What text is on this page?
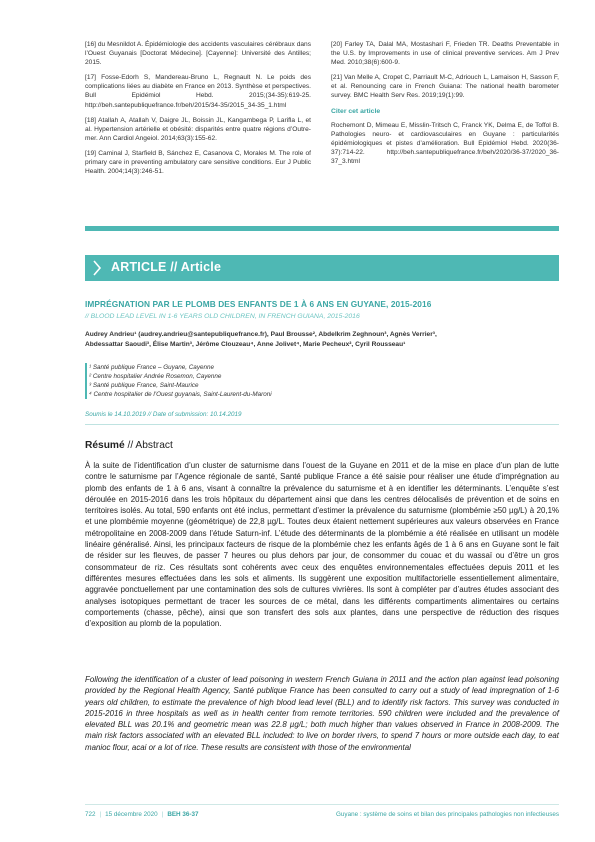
[16] du Mesnildot A. Épidémiologie des accidents vasculaires cérébraux dans l’Ouest Guyanais [Doctorat Médecine]. [Cayenne]: Université des Antilles; 2015.
[17] Fosse-Edorh S, Mandereau-Bruno L, Regnault N. Le poids des complications liées au diabète en France en 2013. Synthèse et perspectives. Bull Epidémiol Hebd. 2015;(34-35):619-25. http://beh.santepubliquefrance.fr/beh/2015/34-35/2015_34-35_1.html
[18] Atallah A, Atallah V, Daigre JL, Boissin JL, Kangambega P, Larifla L, et al. Hypertension artérielle et obésité: disparités entre quatre régions d’Outre-mer. Ann Cardiol Angeiol. 2014;63(3):155-62.
[19] Caminal J, Starfield B, Sánchez E, Casanova C, Morales M. The role of primary care in preventing ambulatory care sensitive conditions. Eur J Public Health. 2004;14(3):246-51.
[20] Farley TA, Dalal MA, Mostashari F, Frieden TR. Deaths Preventable in the U.S. by Improvements in use of clinical preventive services. Am J Prev Med. 2010;38(6):600-9.
[21] Van Melle A, Cropet C, Parriault M-C, Adriouch L, Lamaison H, Sasson F, et al. Renouncing care in French Guiana: The national health barometer survey. BMC Health Serv Res. 2019;19(1):99.
Citer cet article
Rochemont D, Mimeau E, Misslin-Tritsch C, Franck YK, Delma E, de Toffol B. Pathologies neuro- et cardiovasculaires en Guyane : particularités épidémiologiques et pistes d’amélioration. Bull Epidémiol Hebd. 2020(36-37):714-22. http://beh.santepubliquefrance.fr/beh/2020/36-37/2020_36-37_3.html
ARTICLE // Article
IMPRÉGNATION PAR LE PLOMB DES ENFANTS DE 1 À 6 ANS EN GUYANE, 2015-2016
// BLOOD LEAD LEVEL IN 1-6 YEARS OLD CHILDREN, IN FRENCH GUIANA, 2015-2016
Audrey Andrieu¹ (audrey.andrieu@santepubliquefrance.fr), Paul Brousse², Abdelkrim Zeghnoun³, Agnès Verrier³,
Abdessattar Saoudi³, Élise Martin³, Jérôme Clouzeau⁴, Anne Jolivet⁴, Marie Pecheux², Cyril Rousseau¹
¹ Santé publique France – Guyane, Cayenne
² Centre hospitalier Andrée Rosemon, Cayenne
³ Santé publique France, Saint-Maurice
⁴ Centre hospitalier de l’Ouest guyanais, Saint-Laurent-du-Maroni
Soumis le 14.10.2019 // Date of submission: 10.14.2019
Résumé // Abstract
À la suite de l’identification d’un cluster de saturnisme dans l’ouest de la Guyane en 2011 et de la mise en place d’un plan de lutte contre le saturnisme par l’Agence régionale de santé, Santé publique France a été saisie pour réaliser une étude d’imprégnation au plomb des enfants de 1 à 6 ans, visant à connaître la prévalence du saturnisme et à en identifier les déterminants. L’enquête s’est déroulée en 2015-2016 dans les trois hôpitaux du département ainsi que dans les centres délocalisés de prévention et de soins en territoires isolés. Au total, 590 enfants ont été inclus, permettant d’estimer la prévalence du saturnisme (plombémie ≥50 µg/L) à 20,1% et une plombémie moyenne (géométrique) de 22,8 µg/L. Toutes deux étaient nettement supérieures aux valeurs observées en France métropolitaine en 2008-2009 dans l’étude Saturn-inf. L’étude des déterminants de la plombémie a été réalisée en utilisant un modèle linéaire généralisé. Ainsi, les principaux facteurs de risque de la plombémie chez les enfants âgés de 1 à 6 ans en Guyane sont le fait de résider sur les fleuves, de passer 7 heures ou plus dehors par jour, de consommer du couac et du wassaï ou d’être un gros consommateur de riz. Ces résultats sont cohérents avec ceux des enquêtes environnementales effectuées depuis 2011 et les différentes mesures effectuées dans les sols et aliments. Ils suggèrent une exposition multifactorielle essentiellement alimentaire, aggravée ponctuellement par une contamination des sols de cultures vivrières. Ils sont à compléter par d’autres études associant des analyses isotopiques permettant de tracer les sources de ce métal, dans les différents compartiments alimentaires ou certains comportements (chasse, pêche), ainsi que son transfert des sols aux plantes, dans une perspective de réduction des risques d’exposition au plomb de la population.
Following the identification of a cluster of lead poisoning in western French Guiana in 2011 and the action plan against lead poisoning provided by the Regional Health Agency, Santé publique France has been consulted to carry out a study of lead impregnation of 1-6 years old children, to estimate the prevalence of high blood lead level (BLL) and to identify risk factors. This survey was conducted in 2015-2016 in three hospitals as well as in health center from remote territories. 590 children were included and the prevalence of elevated BLL was 20.1% and geometric mean was 22.8 µg/L; both much higher than values observed in France in 2008-2009. The main risk factors associated with an elevated BLL included: to live on border rivers, to spend 7 hours or more outside each day, to eat manioc flour, acai or a lot of rice. These results are consistent with those of the environmental
722 | 15 décembre 2020 | BEH 36-37	Guyane : système de soins et bilan des principales pathologies non infectieuses
